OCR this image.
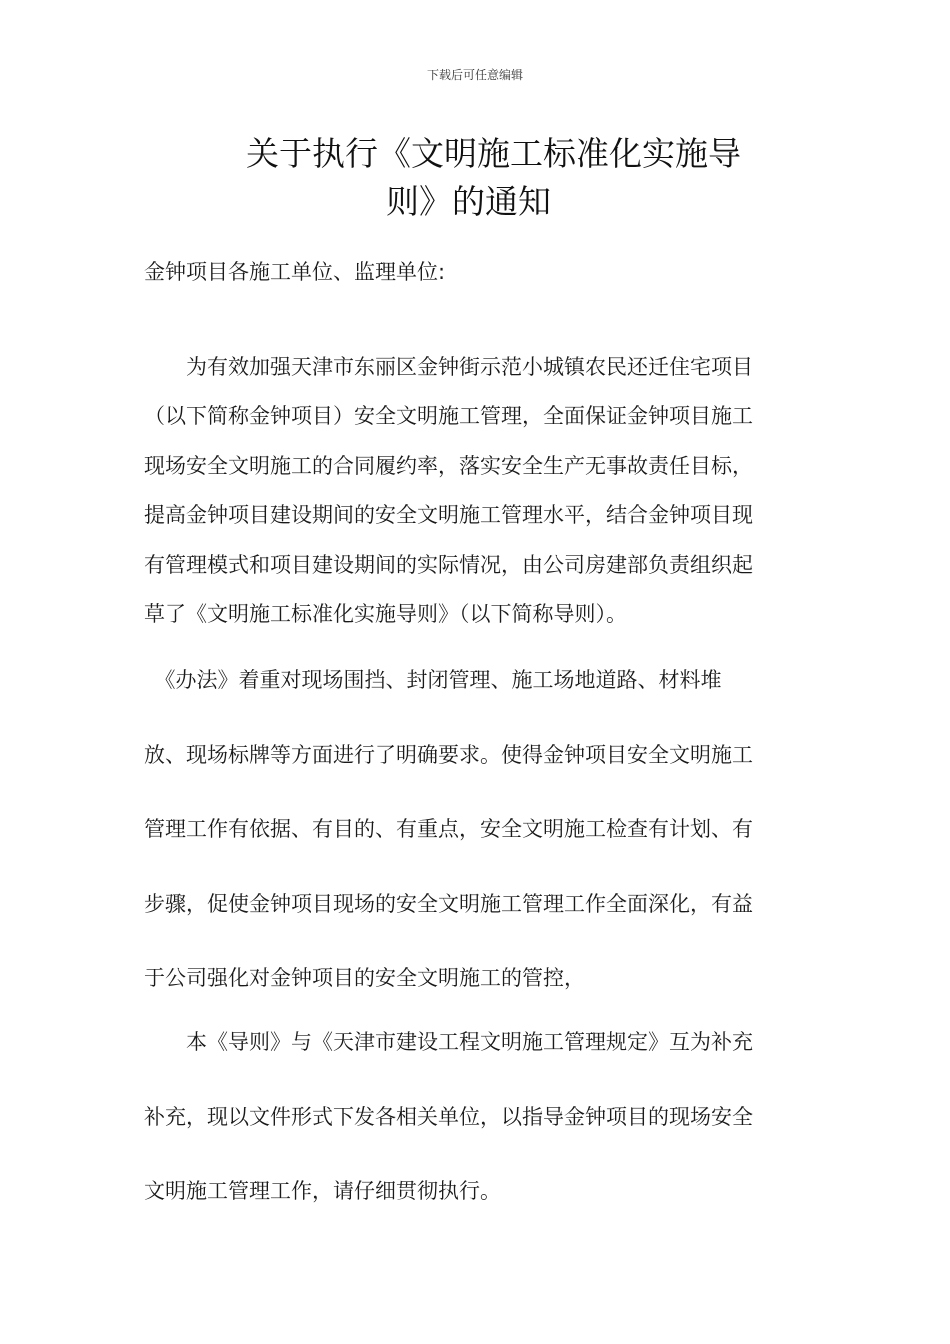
下载后可任意编辑
关于执行《文明施工标准化实施导
则》的通知
金钟项目各施工单位、监理单位:
　　为有效加强天津市东丽区金钟街示范小城镇农民还迁住宅项目
（以下简称金钟项目）安全文明施工管理，全面保证金钟项目施工
现场安全文明施工的合同履约率，落实安全生产无事故责任目标，
提高金钟项目建设期间的安全文明施工管理水平，结合金钟项目现
有管理模式和项目建设期间的实际情况，由公司房建部负责组织起
草了《文明施工标准化实施导则》（以下简称导则）。
　《办法》着重对现场围挡、封闭管理、施工场地道路、材料堆
放、现场标牌等方面进行了明确要求。使得金钟项目安全文明施工
管理工作有依据、有目的、有重点，安全文明施工检查有计划、有
步骤，促使金钟项目现场的安全文明施工管理工作全面深化，有益
于公司强化对金钟项目的安全文明施工的管控，
　　本《导则》与《天津市建设工程文明施工管理规定》互为补充
补充，现以文件形式下发各相关单位，以指导金钟项目的现场安全
文明施工管理工作，请仔细贯彻执行。
